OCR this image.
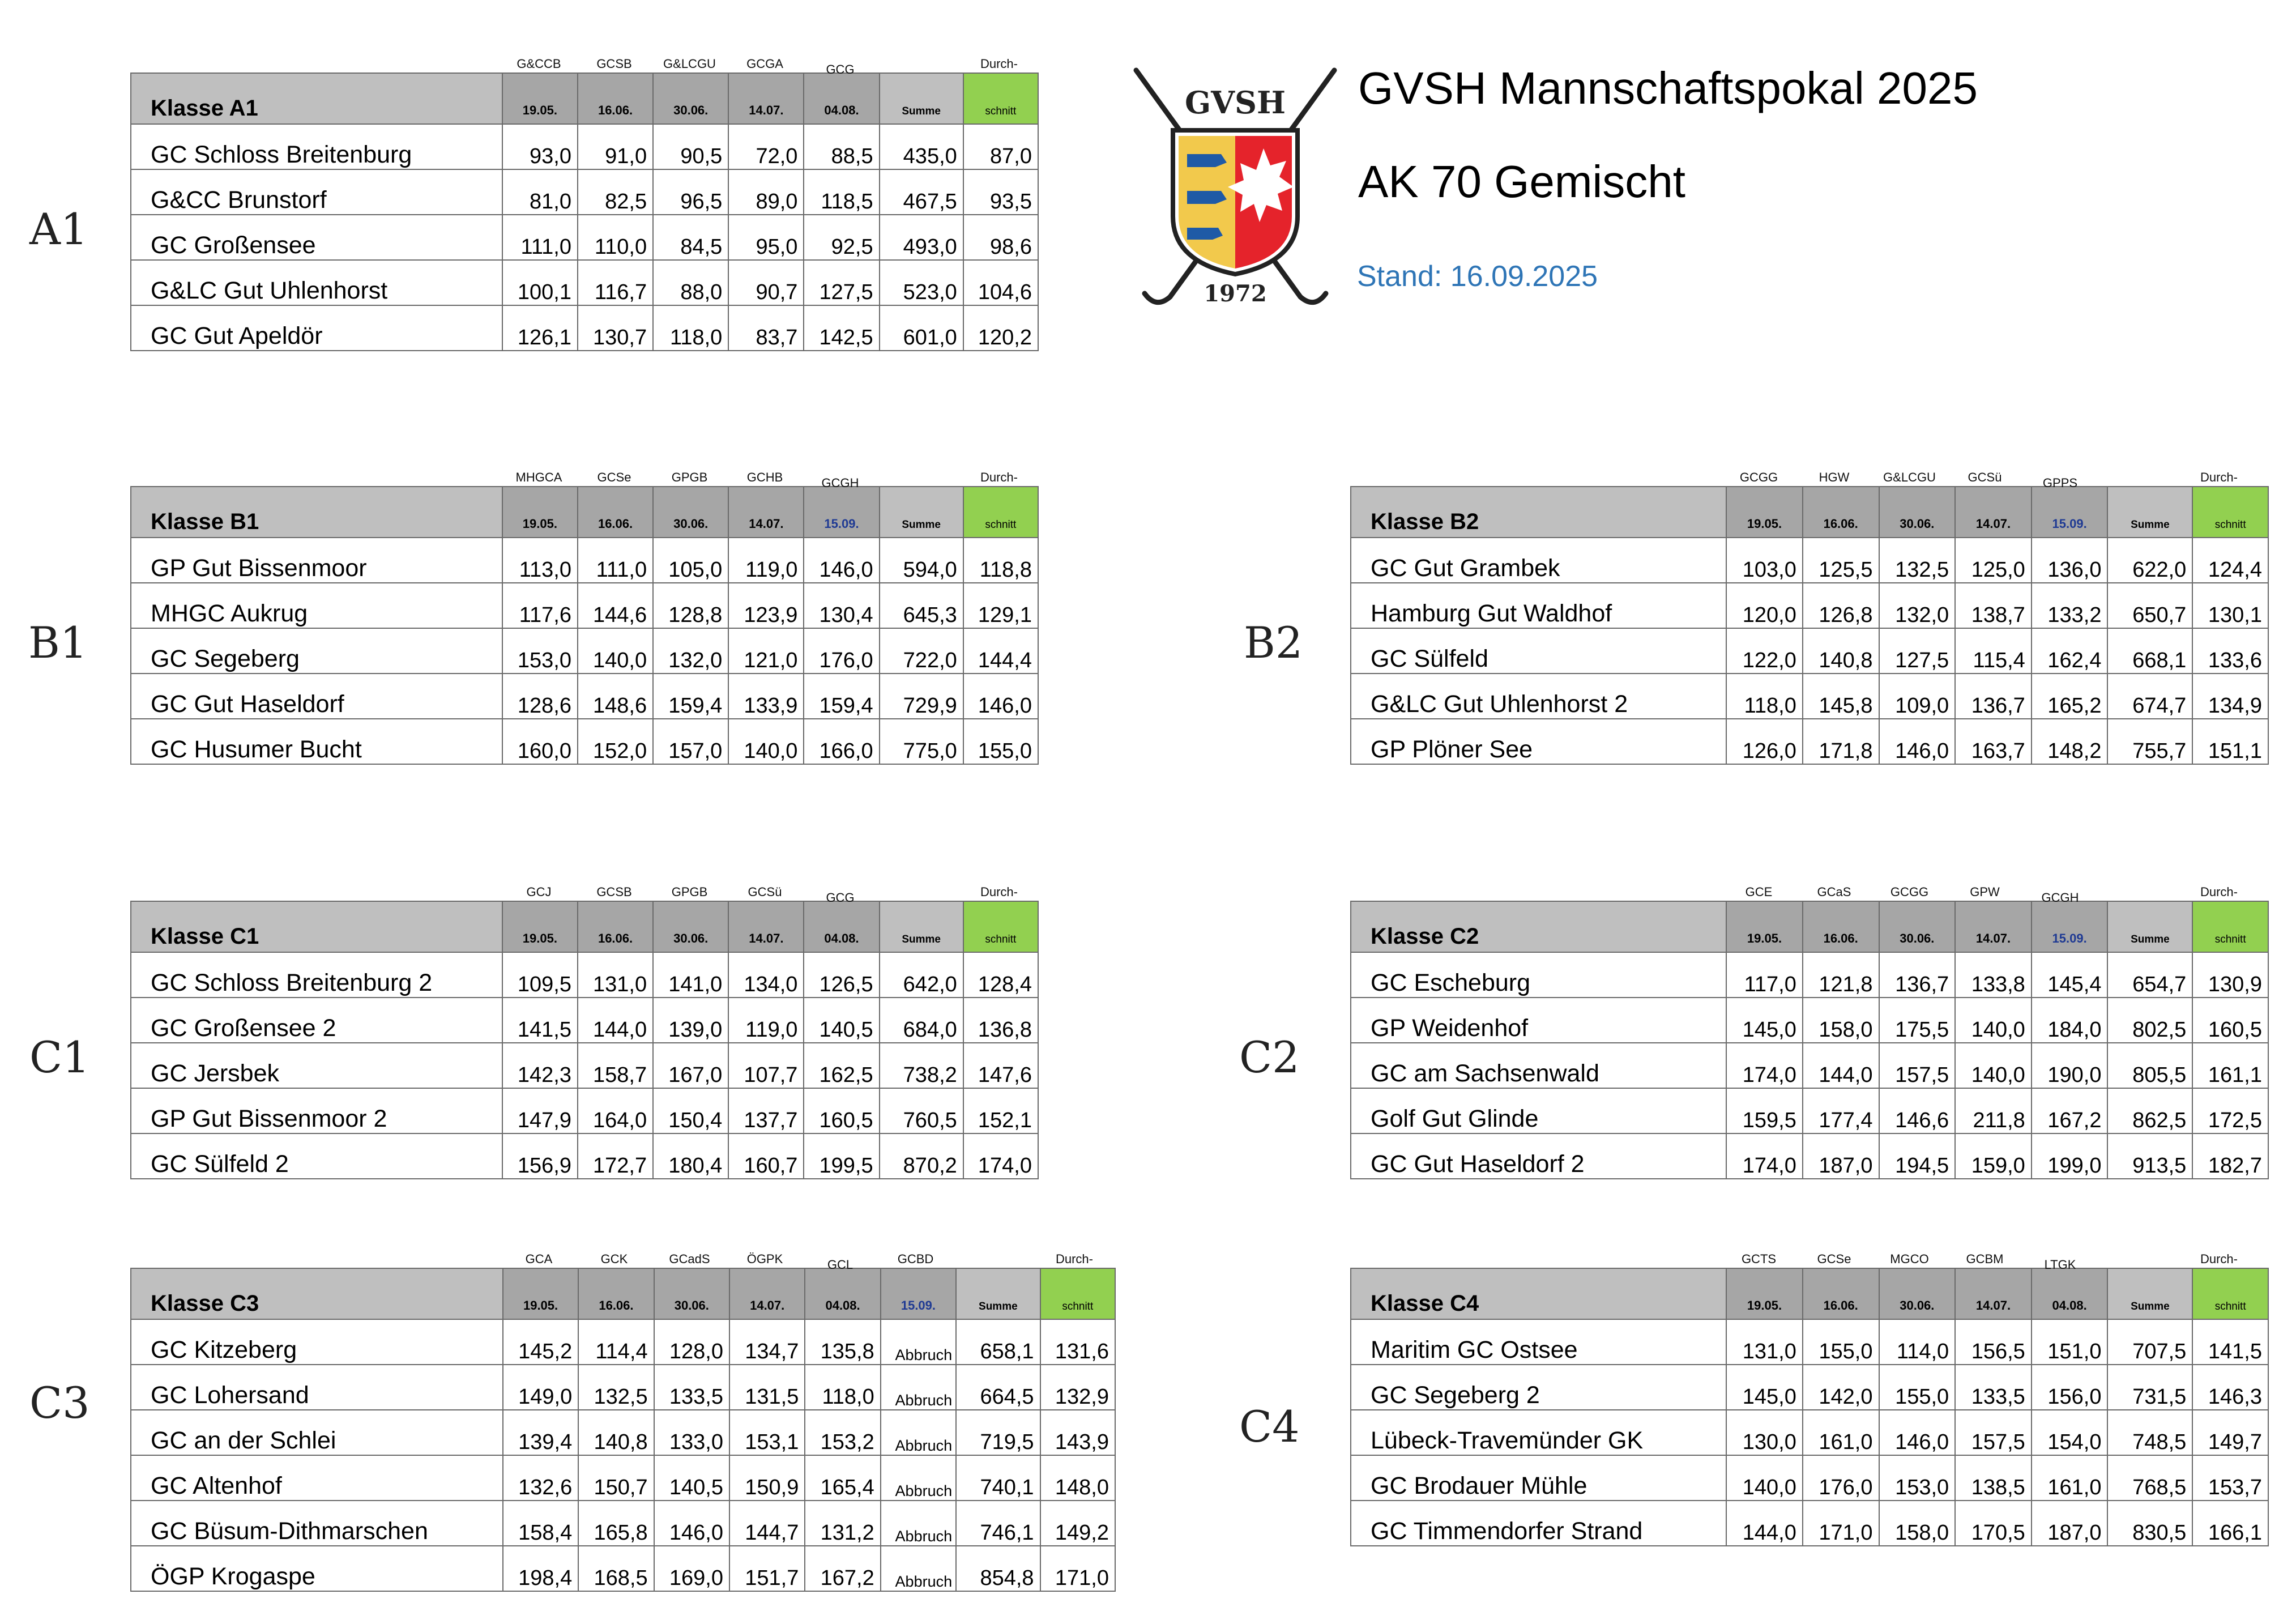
GVSH Mannschaftspokal 2025
AK 70 Gemischt
Stand: 16.09.2025
GVSH
1972
A1
B1	B2
C1	C2
C3	C4
G&CCB	GCSB	G&LCGU	GCGA	GCG	Durch-
Klasse A1	19.05.	16.06.	30.06.	14.07.	04.08.	Summe	schnitt
GC Schloss Breitenburg	93,0	91,0	90,5	72,0	88,5	435,0	87,0
G&CC Brunstorf	81,0	82,5	96,5	89,0	118,5	467,5	93,5
GC Großensee	111,0	110,0	84,5	95,0	92,5	493,0	98,6
G&LC Gut Uhlenhorst	100,1	116,7	88,0	90,7	127,5	523,0	104,6
GC Gut Apeldör	126,1	130,7	118,0	83,7	142,5	601,0	120,2
MHGCA	GCSe	GPGB	GCHB	GCGH	Durch-
Klasse B1	19.05.	16.06.	30.06.	14.07.	15.09.	Summe	schnitt
GP Gut Bissenmoor	113,0	111,0	105,0	119,0	146,0	594,0	118,8
MHGC Aukrug	117,6	144,6	128,8	123,9	130,4	645,3	129,1
GC Segeberg	153,0	140,0	132,0	121,0	176,0	722,0	144,4
GC Gut Haseldorf	128,6	148,6	159,4	133,9	159,4	729,9	146,0
GC Husumer Bucht	160,0	152,0	157,0	140,0	166,0	775,0	155,0
GCGG	HGW	G&LCGU	GCSü	GPPS	Durch-
Klasse B2	19.05.	16.06.	30.06.	14.07.	15.09.	Summe	schnitt
GC Gut Grambek	103,0	125,5	132,5	125,0	136,0	622,0	124,4
Hamburg Gut Waldhof	120,0	126,8	132,0	138,7	133,2	650,7	130,1
GC Sülfeld	122,0	140,8	127,5	115,4	162,4	668,1	133,6
G&LC Gut Uhlenhorst 2	118,0	145,8	109,0	136,7	165,2	674,7	134,9
GP Plöner See	126,0	171,8	146,0	163,7	148,2	755,7	151,1
GCJ	GCSB	GPGB	GCSü	GCG	Durch-
Klasse C1	19.05.	16.06.	30.06.	14.07.	04.08.	Summe	schnitt
GC Schloss Breitenburg 2	109,5	131,0	141,0	134,0	126,5	642,0	128,4
GC Großensee 2	141,5	144,0	139,0	119,0	140,5	684,0	136,8
GC Jersbek	142,3	158,7	167,0	107,7	162,5	738,2	147,6
GP Gut Bissenmoor 2	147,9	164,0	150,4	137,7	160,5	760,5	152,1
GC Sülfeld 2	156,9	172,7	180,4	160,7	199,5	870,2	174,0
GCE	GCaS	GCGG	GPW	GCGH	Durch-
Klasse C2	19.05.	16.06.	30.06.	14.07.	15.09.	Summe	schnitt
GC Escheburg	117,0	121,8	136,7	133,8	145,4	654,7	130,9
GP Weidenhof	145,0	158,0	175,5	140,0	184,0	802,5	160,5
GC am Sachsenwald	174,0	144,0	157,5	140,0	190,0	805,5	161,1
Golf Gut Glinde	159,5	177,4	146,6	211,8	167,2	862,5	172,5
GC Gut Haseldorf 2	174,0	187,0	194,5	159,0	199,0	913,5	182,7
GCA	GCK	GCadS	ÖGPK	GCL	GCBD	Durch-
Klasse C3	19.05.	16.06.	30.06.	14.07.	04.08.	15.09.	Summe	schnitt
GC Kitzeberg	145,2	114,4	128,0	134,7	135,8	Abbruch	658,1	131,6
GC Lohersand	149,0	132,5	133,5	131,5	118,0	Abbruch	664,5	132,9
GC an der Schlei	139,4	140,8	133,0	153,1	153,2	Abbruch	719,5	143,9
GC Altenhof	132,6	150,7	140,5	150,9	165,4	Abbruch	740,1	148,0
GC Büsum-Dithmarschen	158,4	165,8	146,0	144,7	131,2	Abbruch	746,1	149,2
ÖGP Krogaspe	198,4	168,5	169,0	151,7	167,2	Abbruch	854,8	171,0
GCTS	GCSe	MGCO	GCBM	LTGK	Durch-
Klasse C4	19.05.	16.06.	30.06.	14.07.	04.08.	Summe	schnitt
Maritim GC Ostsee	131,0	155,0	114,0	156,5	151,0	707,5	141,5
GC Segeberg 2	145,0	142,0	155,0	133,5	156,0	731,5	146,3
Lübeck-Travemünder GK	130,0	161,0	146,0	157,5	154,0	748,5	149,7
GC Brodauer Mühle	140,0	176,0	153,0	138,5	161,0	768,5	153,7
GC Timmendorfer Strand	144,0	171,0	158,0	170,5	187,0	830,5	166,1
